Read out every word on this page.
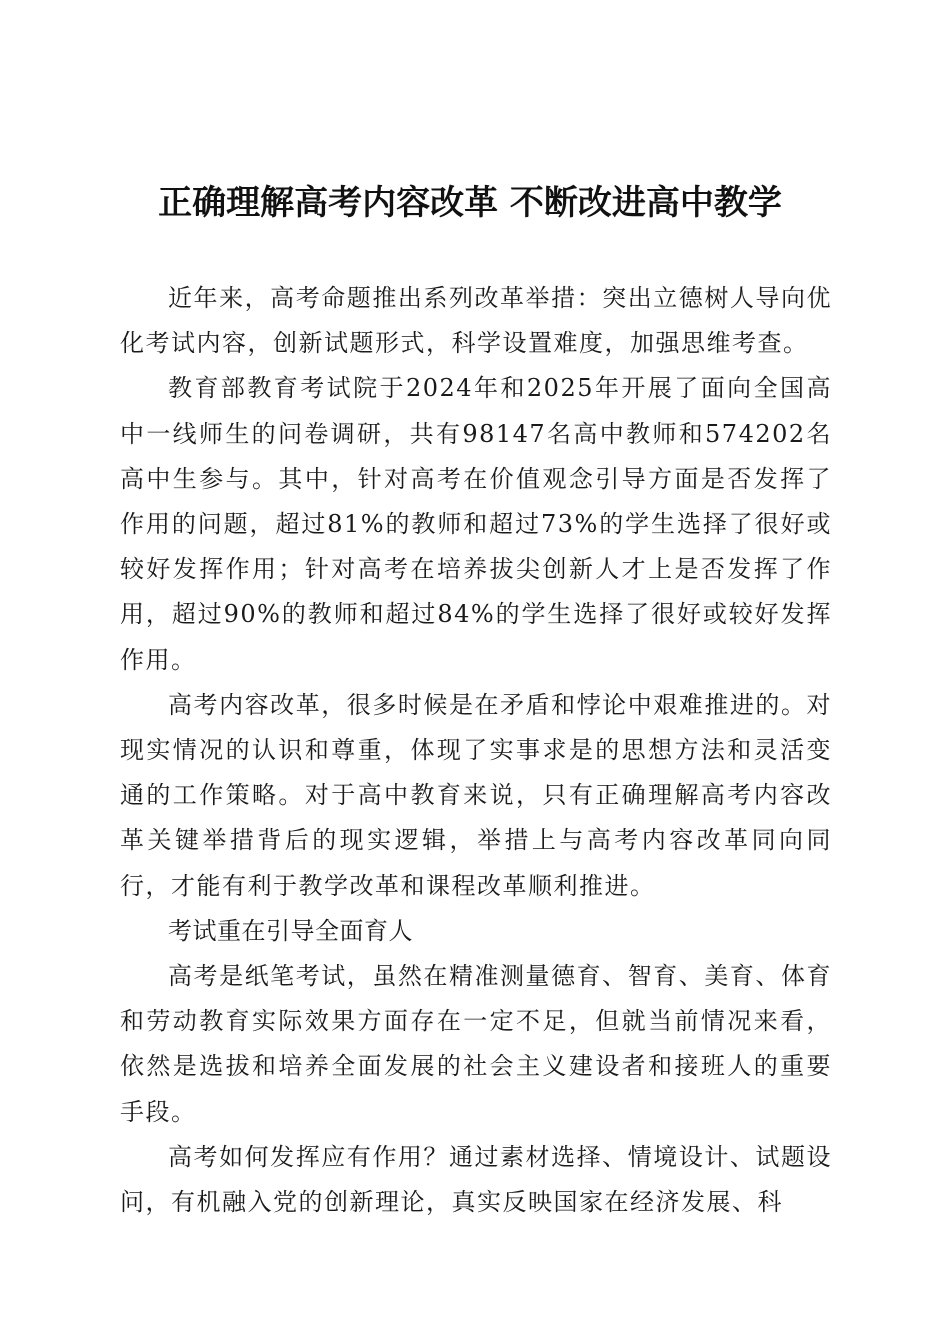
正确理解高考内容改革 不断改进高中教学

近年来，高考命题推出系列改革举措：突出立德树人导向优化考试内容，创新试题形式，科学设置难度，加强思维考查。

教育部教育考试院于2024年和2025年开展了面向全国高中一线师生的问卷调研，共有98147名高中教师和574202名高中生参与。其中，针对高考在价值观念引导方面是否发挥了作用的问题，超过81%的教师和超过73%的学生选择了很好或较好发挥作用；针对高考在培养拔尖创新人才上是否发挥了作用，超过90%的教师和超过84%的学生选择了很好或较好发挥作用。

高考内容改革，很多时候是在矛盾和悖论中艰难推进的。对现实情况的认识和尊重，体现了实事求是的思想方法和灵活变通的工作策略。对于高中教育来说，只有正确理解高考内容改革关键举措背后的现实逻辑，举措上与高考内容改革同向同行，才能有利于教学改革和课程改革顺利推进。

考试重在引导全面育人

高考是纸笔考试，虽然在精准测量德育、智育、美育、体育和劳动教育实际效果方面存在一定不足，但就当前情况来看，依然是选拔和培养全面发展的社会主义建设者和接班人的重要手段。

高考如何发挥应有作用？通过素材选择、情境设计、试题设问，有机融入党的创新理论，真实反映国家在经济发展、科
